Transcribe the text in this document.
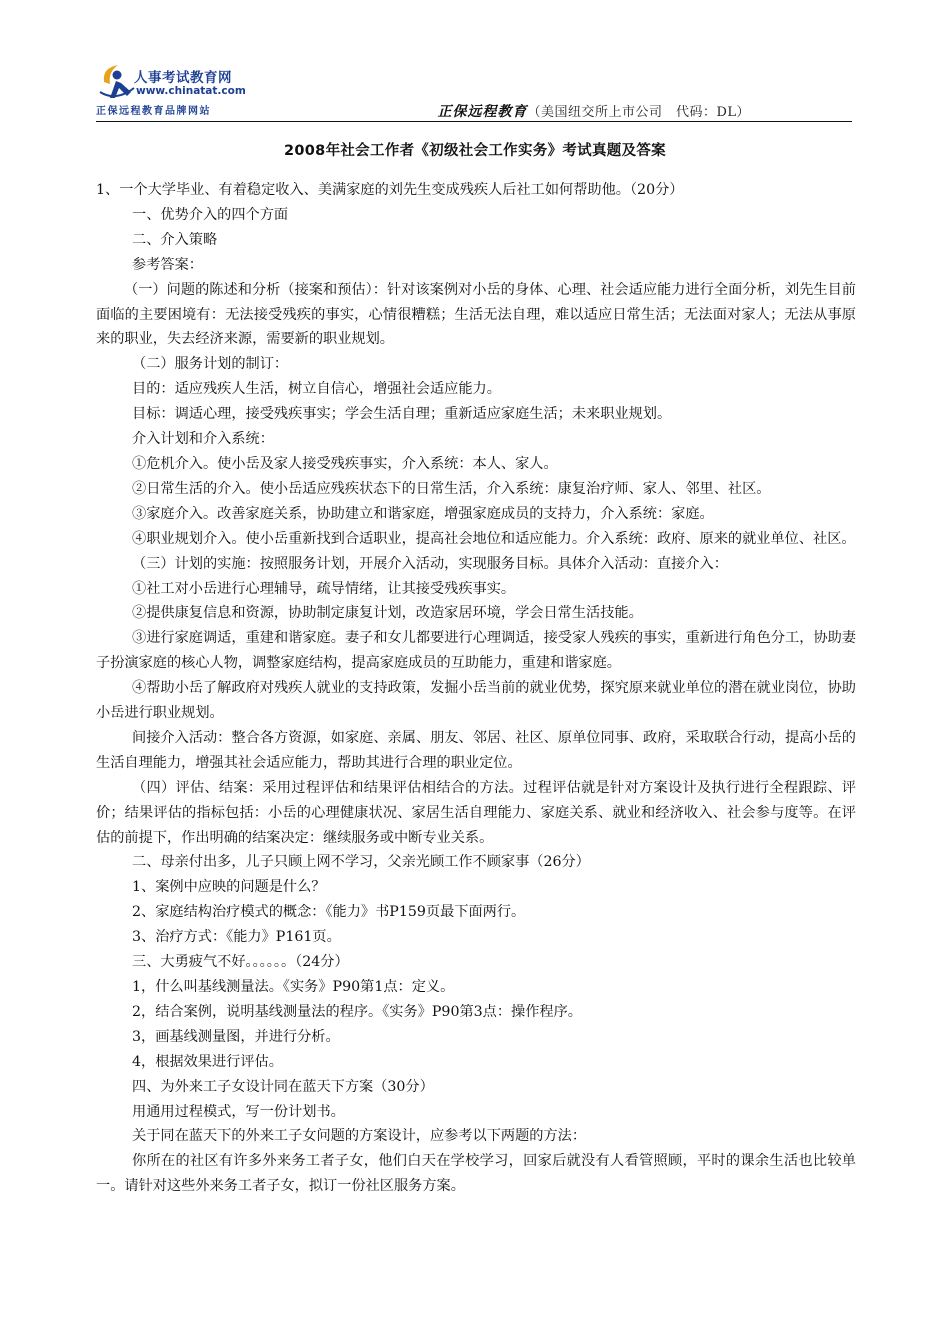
人事考试教育网
www.chinatat.com
正保远程教育品牌网站	正保远程教育（美国纽交所上市公司　代码：DL）
2008年社会工作者《初级社会工作实务》考试真题及答案

1、一个大学毕业、有着稳定收入、美满家庭的刘先生变成残疾人后社工如何帮助他。（20分）

一、优势介入的四个方面

二、介入策略

参考答案：

（一）问题的陈述和分析（接案和预估）：针对该案例对小岳的身体、心理、社会适应能力进行全面分析，刘先生目前面临的主要困境有：无法接受残疾的事实，心情很糟糕；生活无法自理，难以适应日常生活；无法面对家人；无法从事原来的职业，失去经济来源，需要新的职业规划。

（二）服务计划的制订：

目的：适应残疾人生活，树立自信心，增强社会适应能力。

目标：调适心理，接受残疾事实；学会生活自理；重新适应家庭生活；未来职业规划。

介入计划和介入系统：

①危机介入。使小岳及家人接受残疾事实，介入系统：本人、家人。

②日常生活的介入。使小岳适应残疾状态下的日常生活，介入系统：康复治疗师、家人、邻里、社区。

③家庭介入。改善家庭关系，协助建立和谐家庭，增强家庭成员的支持力，介入系统：家庭。

④职业规划介入。使小岳重新找到合适职业，提高社会地位和适应能力。介入系统：政府、原来的就业单位、社区。

（三）计划的实施：按照服务计划，开展介入活动，实现服务目标。具体介入活动：直接介入：

①社工对小岳进行心理辅导，疏导情绪，让其接受残疾事实。

②提供康复信息和资源，协助制定康复计划，改造家居环境，学会日常生活技能。

③进行家庭调适，重建和谐家庭。妻子和女儿都要进行心理调适，接受家人残疾的事实，重新进行角色分工，协助妻子扮演家庭的核心人物，调整家庭结构，提高家庭成员的互助能力，重建和谐家庭。

④帮助小岳了解政府对残疾人就业的支持政策，发掘小岳当前的就业优势，探究原来就业单位的潜在就业岗位，协助小岳进行职业规划。

间接介入活动：整合各方资源，如家庭、亲属、朋友、邻居、社区、原单位同事、政府，采取联合行动，提高小岳的生活自理能力，增强其社会适应能力，帮助其进行合理的职业定位。

（四）评估、结案：采用过程评估和结果评估相结合的方法。过程评估就是针对方案设计及执行进行全程跟踪、评价；结果评估的指标包括：小岳的心理健康状况、家居生活自理能力、家庭关系、就业和经济收入、社会参与度等。在评估的前提下，作出明确的结案决定：继续服务或中断专业关系。

二、母亲付出多，儿子只顾上网不学习，父亲光顾工作不顾家事（26分）

1、案例中应映的问题是什么？

2、家庭结构治疗模式的概念：《能力》书P159页最下面两行。

3、治疗方式：《能力》P161页。

三、大勇疲气不好。。。。。。（24分）

1，什么叫基线测量法。《实务》P90第1点：定义。

2，结合案例，说明基线测量法的程序。《实务》P90第3点：操作程序。

3，画基线测量图，并进行分析。

4，根据效果进行评估。

四、为外来工子女设计同在蓝天下方案（30分）

用通用过程模式，写一份计划书。

关于同在蓝天下的外来工子女问题的方案设计，应参考以下两题的方法：

你所在的社区有许多外来务工者子女，他们白天在学校学习，回家后就没有人看管照顾，平时的课余生活也比较单一。请针对这些外来务工者子女，拟订一份社区服务方案。
